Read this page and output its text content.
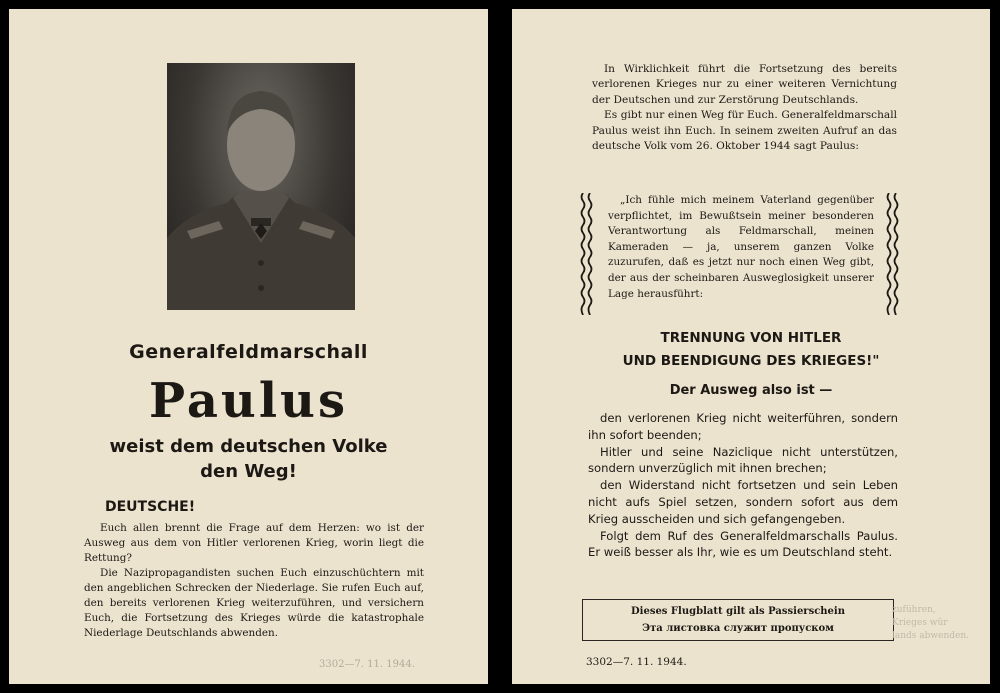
Generalfeldmarschall
Paulus
weist dem deutschen Volke
den Weg!
DEUTSCHE!

Euch allen brennt die Frage auf dem Herzen: wo ist der Ausweg aus dem von Hitler verlorenen Krieg, worin liegt die Rettung?

Die Nazipropagandisten suchen Euch einzuschüchtern mit den angeblichen Schrecken der Niederlage. Sie rufen Euch auf, den bereits verlorenen Krieg weiterzuführen, und versichern Euch, die Fortsetzung des Krieges würde die katastrophale Niederlage Deutschlands abwenden.

3302—7. 11. 1944.

In Wirklichkeit führt die Fortsetzung des bereits verlorenen Krieges nur zu einer weiteren Vernichtung der Deutschen und zur Zerstörung Deutschlands.

Es gibt nur einen Weg für Euch. Generalfeldmarschall Paulus weist ihn Euch. In seinem zweiten Aufruf an das deutsche Volk vom 26. Oktober 1944 sagt Paulus:

„Ich fühle mich meinem Vaterland gegenüber verpflichtet, im Bewußtsein meiner besonderen Verantwortung als Feldmarschall, meinen Kameraden — ja, unserem ganzen Volke zuzurufen, daß es jetzt nur noch einen Weg gibt, der aus der scheinbaren Ausweglosigkeit unserer Lage herausführt:

TRENNUNG VON HITLER
UND BEENDIGUNG DES KRIEGES!"
Der Ausweg also ist —

den verlorenen Krieg nicht weiterführen, sondern ihn sofort beenden;

Hitler und seine Naziclique nicht unterstützen, sondern unverzüglich mit ihnen brechen;

den Widerstand nicht fortsetzen und sein Leben nicht aufs Spiel setzen, sondern sofort aus dem Krieg ausscheiden und sich gefangengeben.

Folgt dem Ruf des Generalfeldmarschalls Paulus. Er weiß besser als Ihr, wie es um Deutschland steht.

Dieses Flugblatt gilt als Passierschein
Эта листовка служит пропуском
3302—7. 11. 1944.

zuführen,

Krieges wür

lands abwenden.
